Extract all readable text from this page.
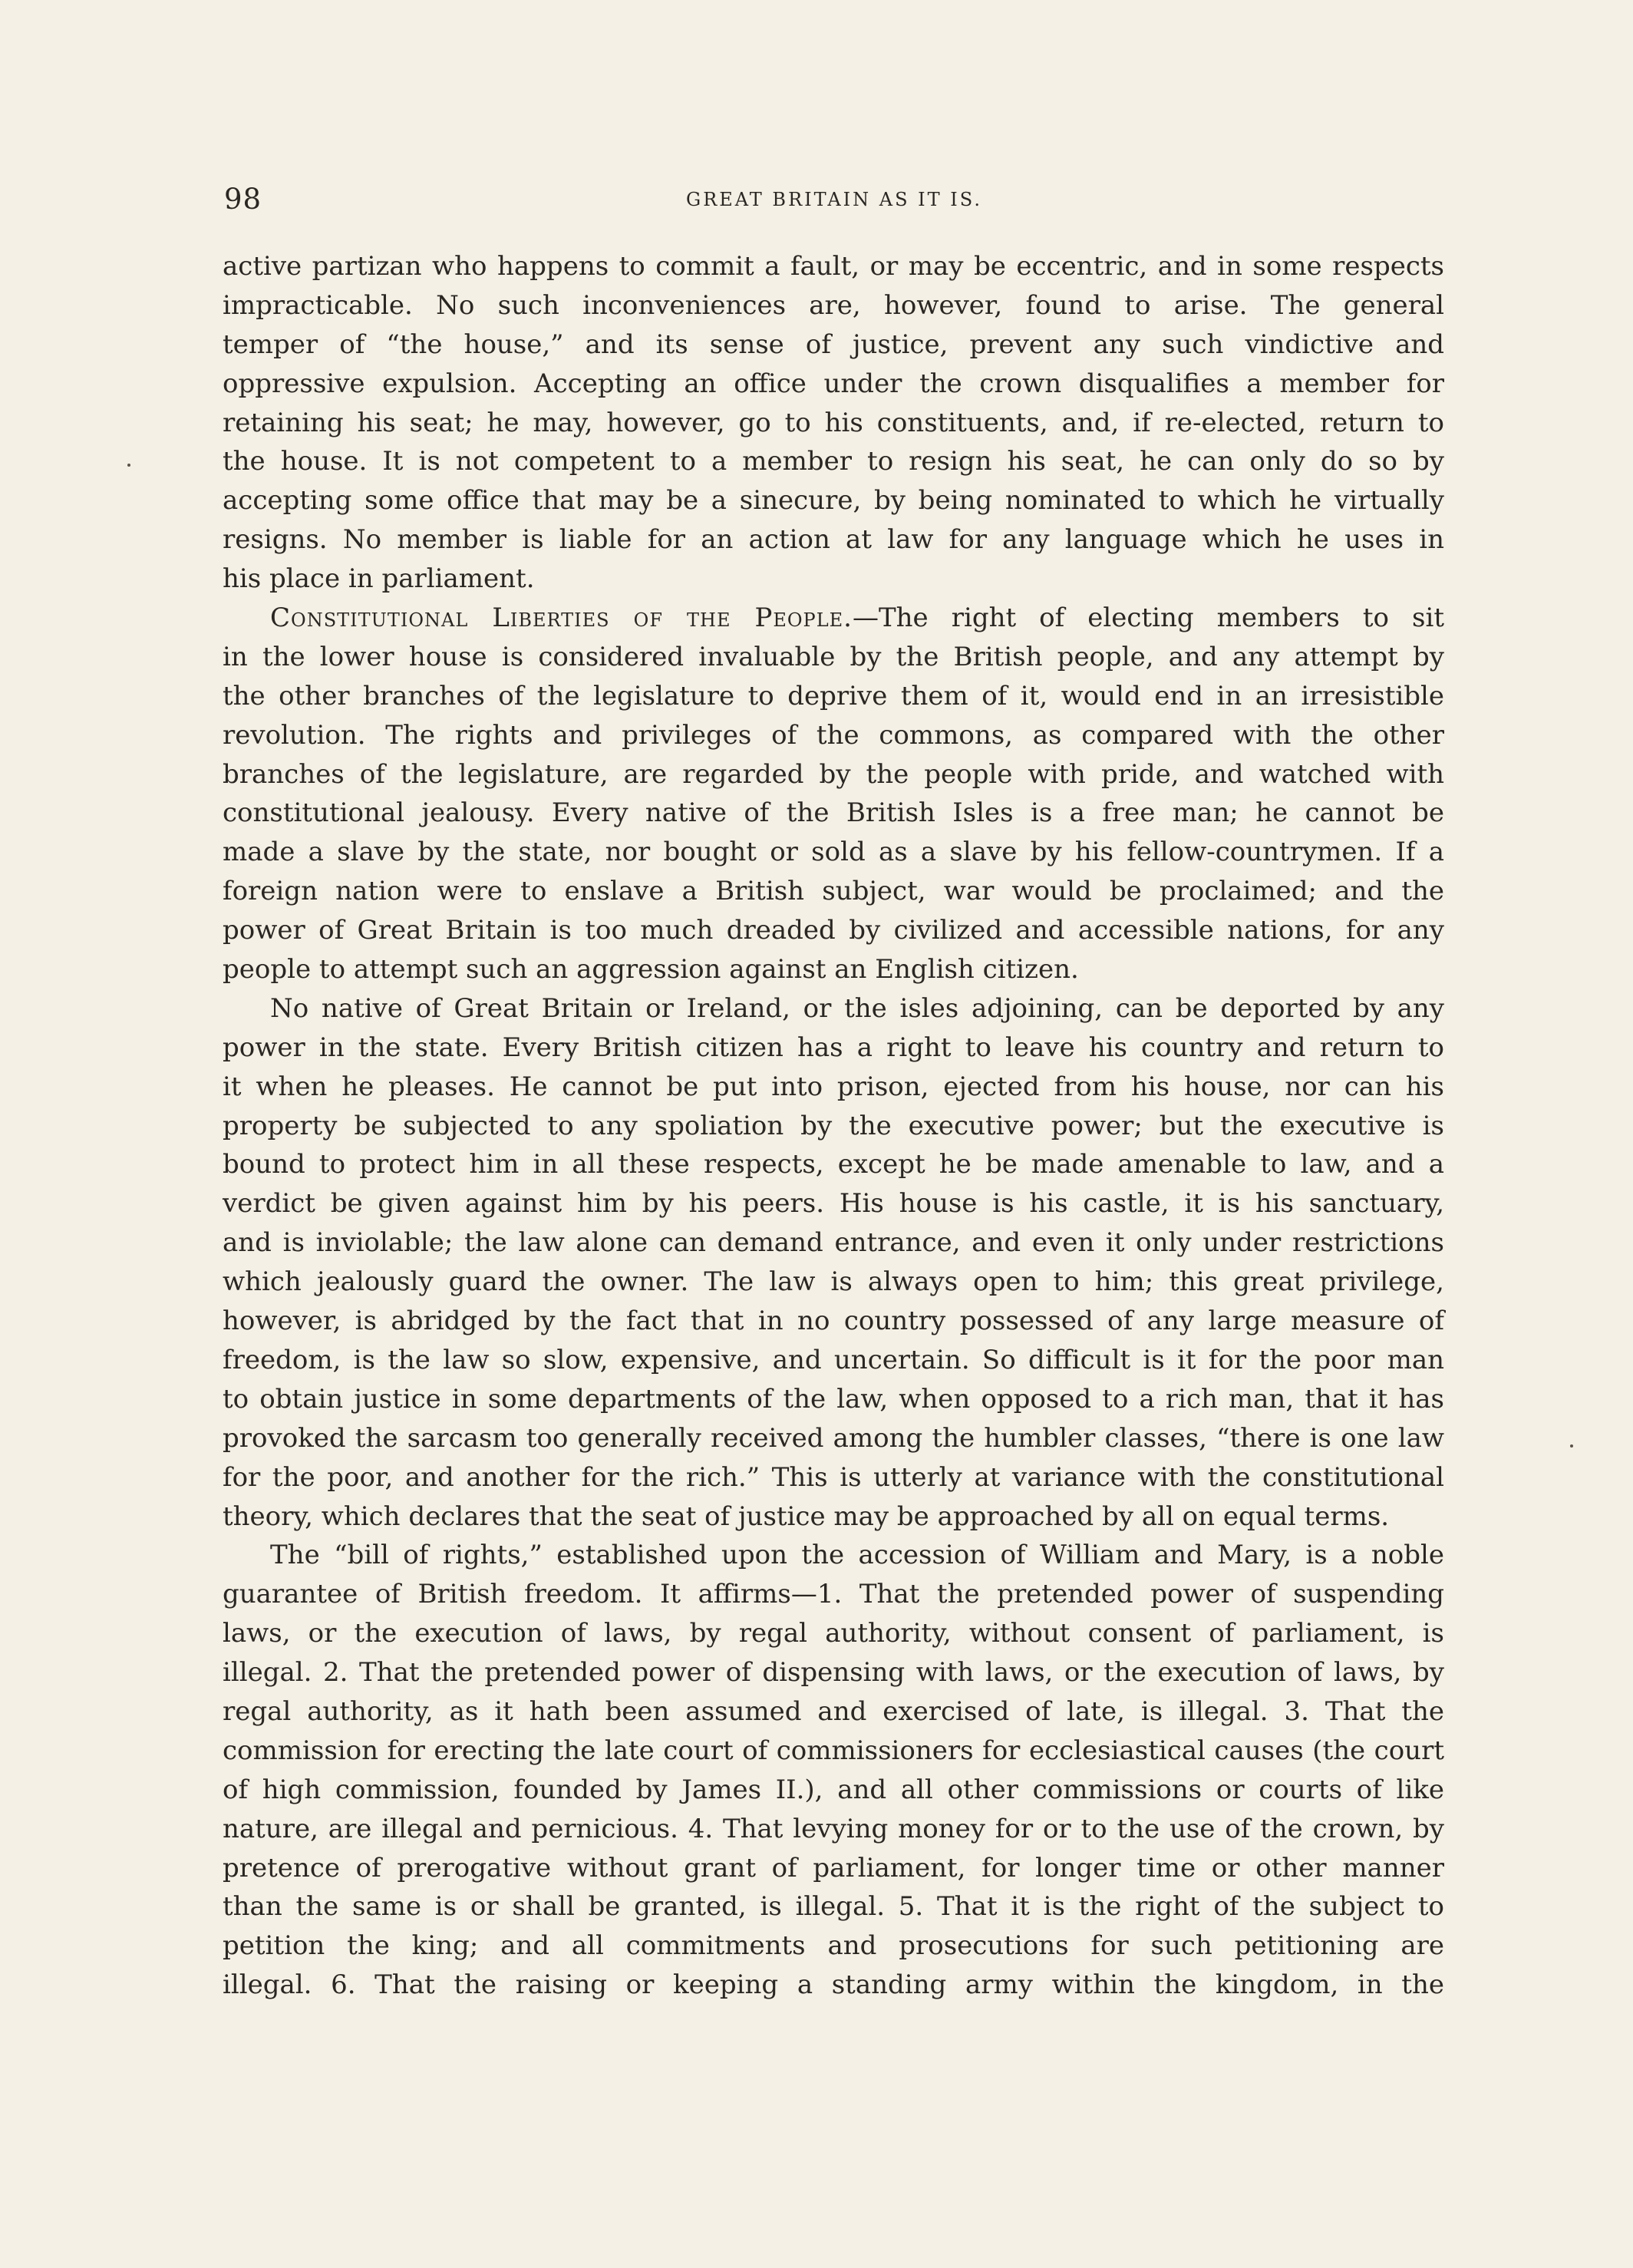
98	GREAT BRITAIN AS IT IS.
active partizan who happens to commit a fault, or may be eccentric, and in some respects
impracticable. No such inconveniences are, however, found to arise. The general
temper of “the house,” and its sense of justice, prevent any such vindictive and
oppressive expulsion. Accepting an office under the crown disqualifies a member for
retaining his seat; he may, however, go to his constituents, and, if re-elected, return to
the house. It is not competent to a member to resign his seat, he can only do so by
accepting some office that may be a sinecure, by being nominated to which he virtually
resigns. No member is liable for an action at law for any language which he uses in
his place in parliament.
Constitutional Liberties of the People.—The right of electing members to sit
in the lower house is considered invaluable by the British people, and any attempt by
the other branches of the legislature to deprive them of it, would end in an irresistible
revolution. The rights and privileges of the commons, as compared with the other
branches of the legislature, are regarded by the people with pride, and watched with
constitutional jealousy. Every native of the British Isles is a free man; he cannot be
made a slave by the state, nor bought or sold as a slave by his fellow-countrymen. If a
foreign nation were to enslave a British subject, war would be proclaimed; and the
power of Great Britain is too much dreaded by civilized and accessible nations, for any
people to attempt such an aggression against an English citizen.
No native of Great Britain or Ireland, or the isles adjoining, can be deported by any
power in the state. Every British citizen has a right to leave his country and return to
it when he pleases. He cannot be put into prison, ejected from his house, nor can his
property be subjected to any spoliation by the executive power; but the executive is
bound to protect him in all these respects, except he be made amenable to law, and a
verdict be given against him by his peers. His house is his castle, it is his sanctuary,
and is inviolable; the law alone can demand entrance, and even it only under restrictions
which jealously guard the owner. The law is always open to him; this great privilege,
however, is abridged by the fact that in no country possessed of any large measure of
freedom, is the law so slow, expensive, and uncertain. So difficult is it for the poor man
to obtain justice in some departments of the law, when opposed to a rich man, that it has
provoked the sarcasm too generally received among the humbler classes, “there is one law
for the poor, and another for the rich.” This is utterly at variance with the constitutional
theory, which declares that the seat of justice may be approached by all on equal terms.
The “bill of rights,” established upon the accession of William and Mary, is a noble
guarantee of British freedom. It affirms—1. That the pretended power of suspending
laws, or the execution of laws, by regal authority, without consent of parliament, is
illegal. 2. That the pretended power of dispensing with laws, or the execution of laws, by
regal authority, as it hath been assumed and exercised of late, is illegal. 3. That the
commission for erecting the late court of commissioners for ecclesiastical causes (the court
of high commission, founded by James II.), and all other commissions or courts of like
nature, are illegal and pernicious. 4. That levying money for or to the use of the crown, by
pretence of prerogative without grant of parliament, for longer time or other manner
than the same is or shall be granted, is illegal. 5. That it is the right of the subject to
petition the king; and all commitments and prosecutions for such petitioning are
illegal. 6. That the raising or keeping a standing army within the kingdom, in the
